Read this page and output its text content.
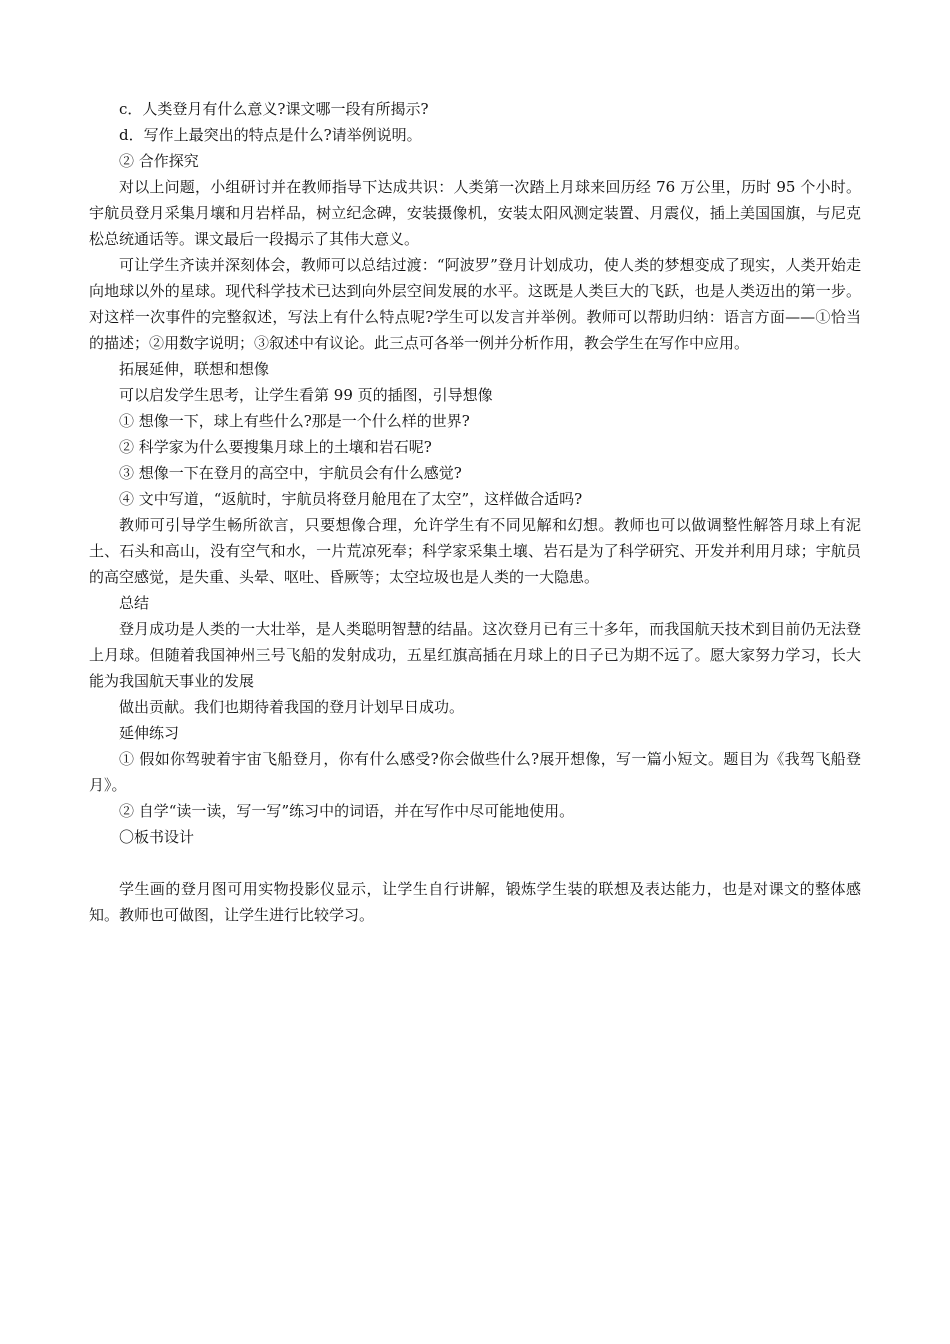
c．人类登月有什么意义?课文哪一段有所揭示?

d．写作上最突出的特点是什么?请举例说明。

② 合作探究

对以上问题，小组研讨并在教师指导下达成共识：人类第一次踏上月球来回历经 76 万公里，历时 95 个小时。宇航员登月采集月壤和月岩样品，树立纪念碑，安装摄像机，安装太阳风测定装置、月震仪，插上美国国旗，与尼克松总统通话等。课文最后一段揭示了其伟大意义。

可让学生齐读并深刻体会，教师可以总结过渡：“阿波罗”登月计划成功，使人类的梦想变成了现实，人类开始走向地球以外的星球。现代科学技术已达到向外层空间发展的水平。这既是人类巨大的飞跃，也是人类迈出的第一步。对这样一次事件的完整叙述，写法上有什么特点呢?学生可以发言并举例。教师可以帮助归纳：语言方面——①恰当的描述；②用数字说明；③叙述中有议论。此三点可各举一例并分析作用，教会学生在写作中应用。

拓展延伸，联想和想像

可以启发学生思考，让学生看第 99 页的插图，引导想像

① 想像一下，球上有些什么?那是一个什么样的世界?

② 科学家为什么要搜集月球上的土壤和岩石呢?

③ 想像一下在登月的高空中，宇航员会有什么感觉?

④ 文中写道，“返航时，宇航员将登月舱甩在了太空”，这样做合适吗?

教师可引导学生畅所欲言，只要想像合理，允许学生有不同见解和幻想。教师也可以做调整性解答月球上有泥土、石头和高山，没有空气和水，一片荒凉死奉；科学家采集土壤、岩石是为了科学研究、开发并利用月球；宇航员的高空感觉，是失重、头晕、呕吐、昏厥等；太空垃圾也是人类的一大隐患。

总结

登月成功是人类的一大壮举，是人类聪明智慧的结晶。这次登月已有三十多年，而我国航天技术到目前仍无法登上月球。但随着我国神州三号飞船的发射成功，五星红旗高插在月球上的日子已为期不远了。愿大家努力学习，长大能为我国航天事业的发展

做出贡献。我们也期待着我国的登月计划早日成功。

延伸练习

① 假如你驾驶着宇宙飞船登月，你有什么感受?你会做些什么?展开想像，写一篇小短文。题目为《我驾飞船登月》。

② 自学“读一读，写一写”练习中的词语，并在写作中尽可能地使用。

〇板书设计

学生画的登月图可用实物投影仪显示，让学生自行讲解，锻炼学生装的联想及表达能力，也是对课文的整体感知。教师也可做图，让学生进行比较学习。
